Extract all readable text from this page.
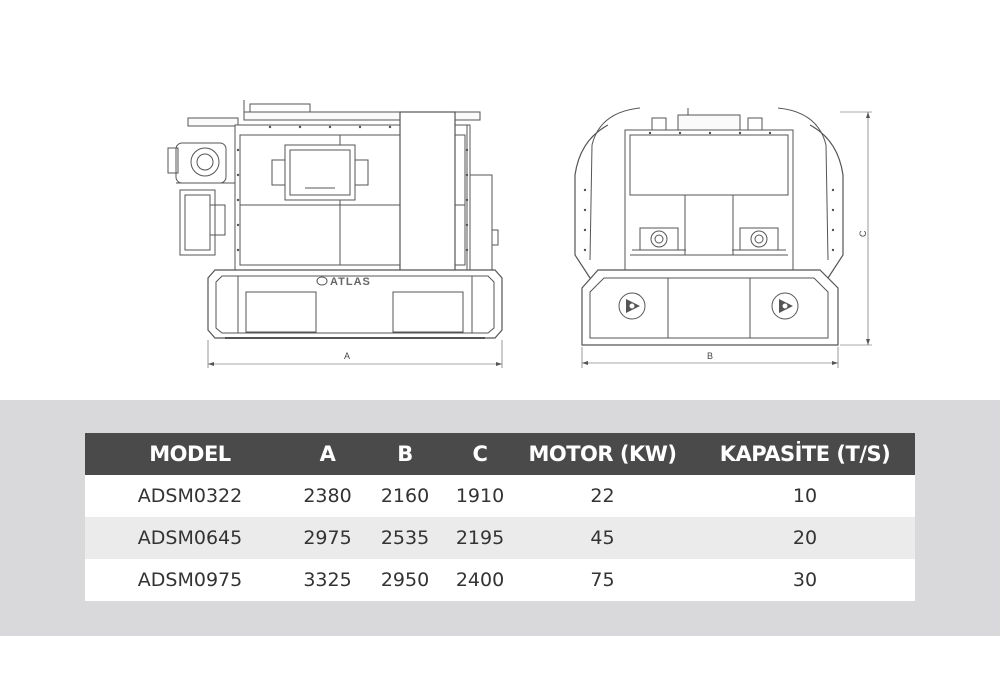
ATLAS
A	B
C
MODEL	A	B	C	MOTOR (KW)	KAPASİTE (T/S)
ADSM0322	2380	2160	1910	22	10
ADSM0645	2975	2535	2195	45	20
ADSM0975	3325	2950	2400	75	30
